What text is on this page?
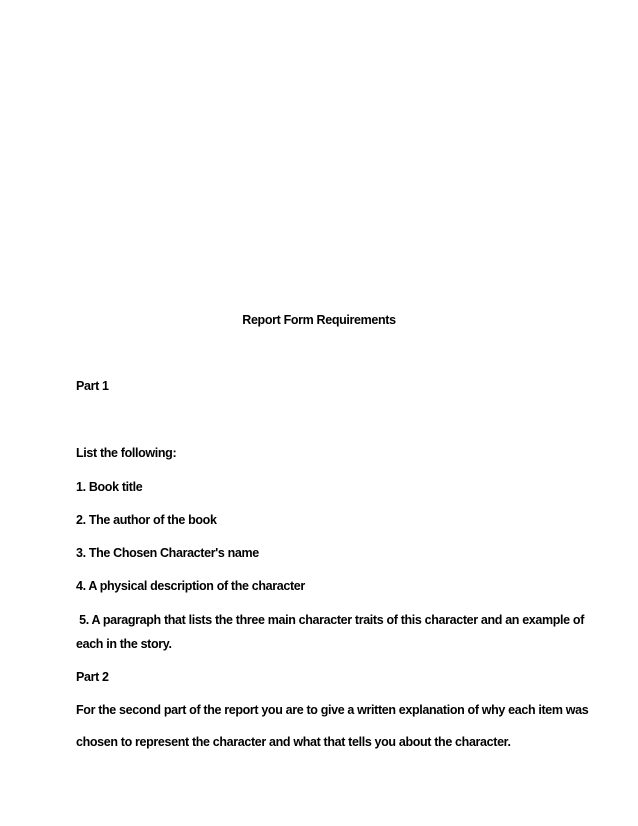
Report Form Requirements
Part 1
List the following:
1. Book title
2. The author of the book
3. The Chosen Character's name
4. A physical description of the character
5. A paragraph that lists the three main character traits of this character and an example of
each in the story.
Part 2
For the second part of the report you are to give a written explanation of why each item was
chosen to represent the character and what that tells you about the character.
